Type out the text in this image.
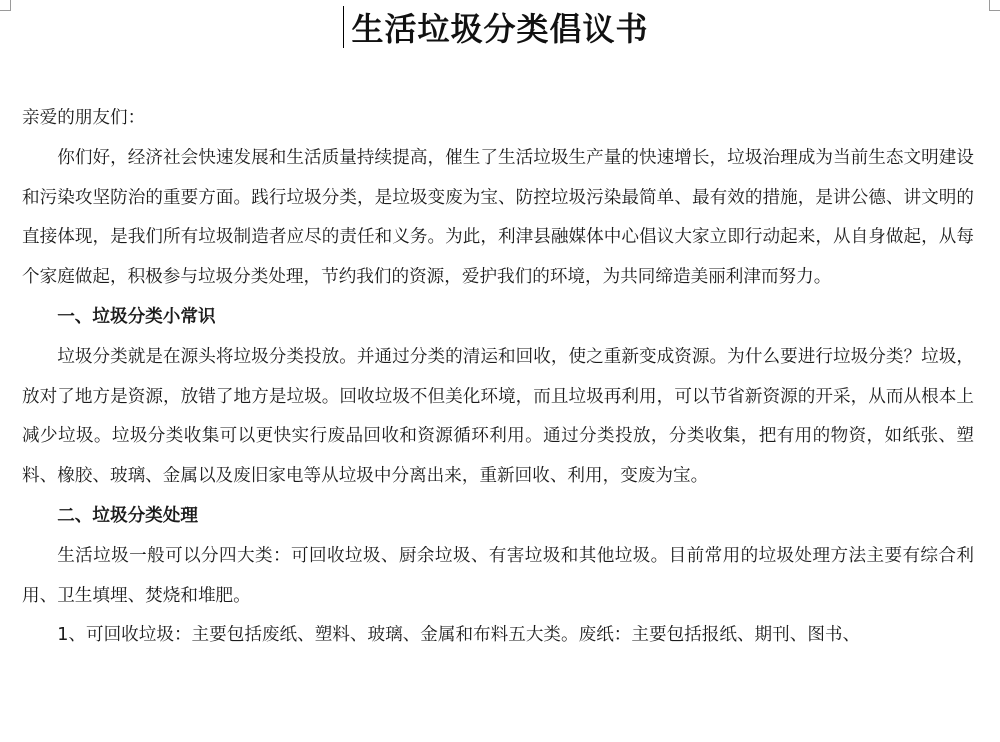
生活垃圾分类倡议书

亲爱的朋友们：

你们好，经济社会快速发展和生活质量持续提高，催生了生活垃圾生产量的快速增长，垃圾治理成为当前生态文明建设和污染攻坚防治的重要方面。践行垃圾分类，是垃圾变废为宝、防控垃圾污染最简单、最有效的措施，是讲公德、讲文明的直接体现，是我们所有垃圾制造者应尽的责任和义务。为此，利津县融媒体中心倡议大家立即行动起来，从自身做起，从每个家庭做起，积极参与垃圾分类处理，节约我们的资源，爱护我们的环境，为共同缔造美丽利津而努力。

一、垃圾分类小常识

垃圾分类就是在源头将垃圾分类投放。并通过分类的清运和回收，使之重新变成资源。为什么要进行垃圾分类？垃圾，放对了地方是资源，放错了地方是垃圾。回收垃圾不但美化环境，而且垃圾再利用，可以节省新资源的开采，从而从根本上减少垃圾。垃圾分类收集可以更快实行废品回收和资源循环利用。通过分类投放，分类收集，把有用的物资，如纸张、塑料、橡胶、玻璃、金属以及废旧家电等从垃圾中分离出来，重新回收、利用，变废为宝。

二、垃圾分类处理

生活垃圾一般可以分四大类：可回收垃圾、厨余垃圾、有害垃圾和其他垃圾。目前常用的垃圾处理方法主要有综合利用、卫生填埋、焚烧和堆肥。

1、可回收垃圾：主要包括废纸、塑料、玻璃、金属和布料五大类。废纸：主要包括报纸、期刊、图书、
